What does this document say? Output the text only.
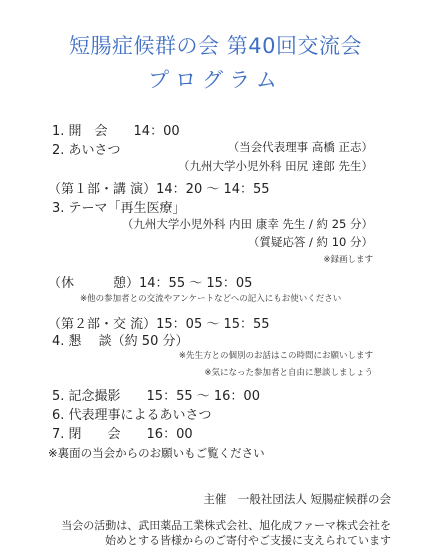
短腸症候群の会 第40回交流会
プログラム
1. 開　会　　14：00
2. あいさつ	（当会代表理事 高橋 正志）
（九州大学小児外科 田尻 達郎 先生）
（第１部・講 演）14：20 ～ 14：55
3. テーマ「再生医療」
（九州大学小児外科 内田 康幸 先生 / 約 25 分）
（質疑応答 / 約 10 分）
※録画します
（休　　　憩）14：55 ～ 15：05
※他の参加者との交流やアンケートなどへの記入にもお使いください
（第２部・交 流）15：05 ～ 15：55
4. 懇　 談（約 50 分）
※先生方との個別のお話はこの時間にお願いします
※気になった参加者と自由に懇談しましょう
5. 記念撮影　　15：55 ～ 16：00
6. 代表理事によるあいさつ
7. 閉　　会　　16：00
※裏面の当会からのお願いもご覧ください
主催　一般社団法人 短腸症候群の会
当会の活動は、武田薬品工業株式会社、旭化成ファーマ株式会社を
始めとする皆様からのご寄付やご支援に支えられています
